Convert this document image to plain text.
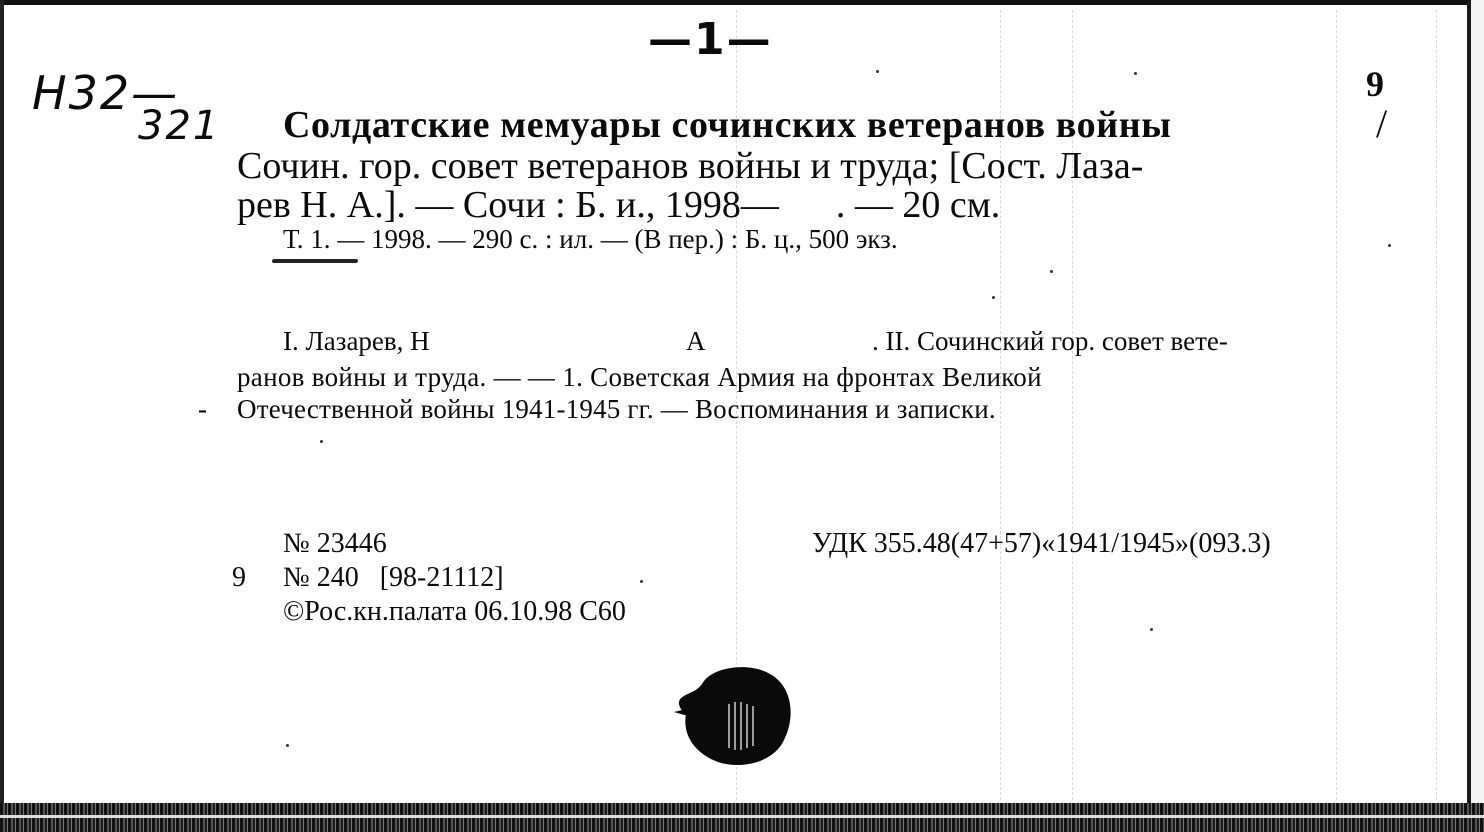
—1—
Н32—
321
9
Солдатские мемуары сочинских ветеранов войны	/
Сочин. гор. совет ветеранов войны и труда; [Сост. Лаза-
рев Н. А.]. — Сочи : Б. и., 1998—      . — 20 см.
Т. 1. — 1998. — 290 с. : ил. — (В пер.) : Б. ц., 500 экз.
I. Лазарев, Н	А	. II. Сочинский гор. совет вете-
ранов войны и труда. — — 1. Советская Армия на фронтах Великой
- Отечественной войны 1941-1945 гг. — Воспоминания и записки.
№ 23446
9 № 240   [98-21112]
©Рос.кн.палата 06.10.98 С60
УДК 355.48(47+57)«1941/1945»(093.3)
